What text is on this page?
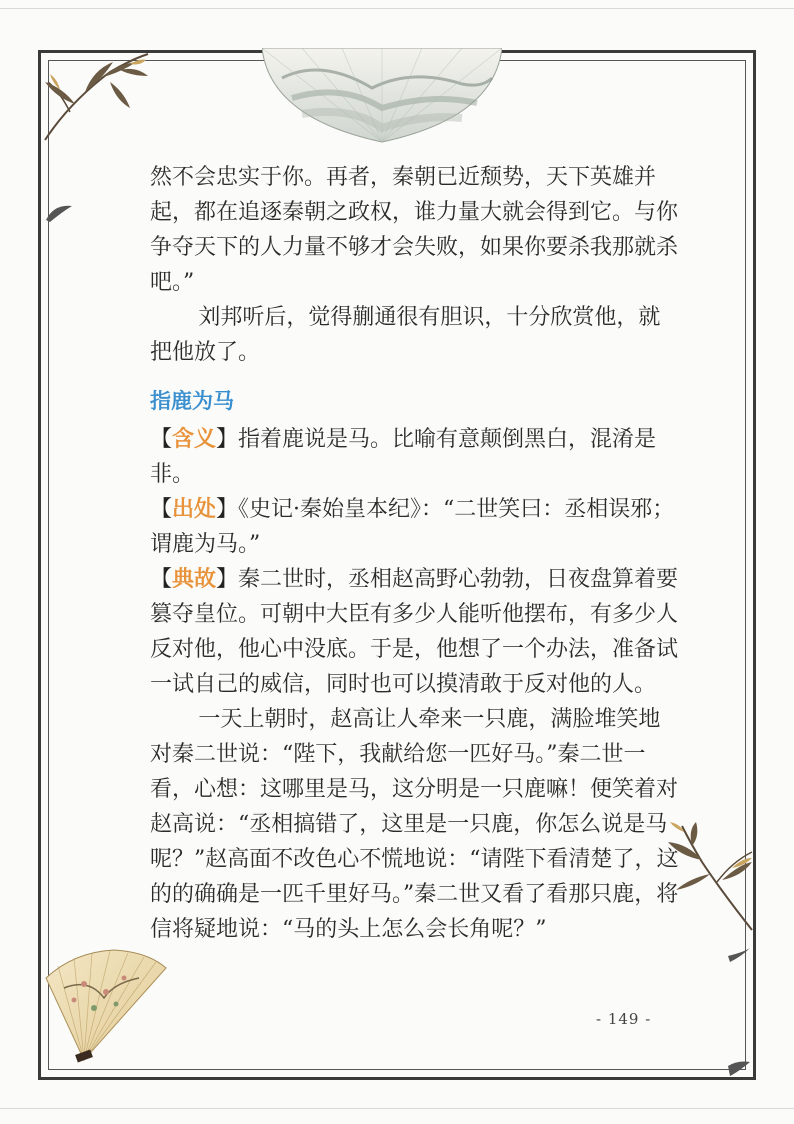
然不会忠实于你。再者，秦朝已近颓势，天下英雄并起，都在追逐秦朝之政权，谁力量大就会得到它。与你争夺天下的人力量不够才会失败，如果你要杀我那就杀吧。”

刘邦听后，觉得蒯通很有胆识，十分欣赏他，就把他放了。

指鹿为马

【含义】指着鹿说是马。比喻有意颠倒黑白，混淆是非。

【出处】《史记·秦始皇本纪》：“二世笑曰：丞相误邪；谓鹿为马。”

【典故】秦二世时，丞相赵高野心勃勃，日夜盘算着要篡夺皇位。可朝中大臣有多少人能听他摆布，有多少人反对他，他心中没底。于是，他想了一个办法，准备试一试自己的威信，同时也可以摸清敢于反对他的人。

一天上朝时，赵高让人牵来一只鹿，满脸堆笑地对秦二世说：“陛下，我献给您一匹好马。”秦二世一看，心想：这哪里是马，这分明是一只鹿嘛！便笑着对赵高说：“丞相搞错了，这里是一只鹿，你怎么说是马呢？”赵高面不改色心不慌地说：“请陛下看清楚了，这的的确确是一匹千里好马。”秦二世又看了看那只鹿，将信将疑地说：“马的头上怎么会长角呢？”

- 149 -
